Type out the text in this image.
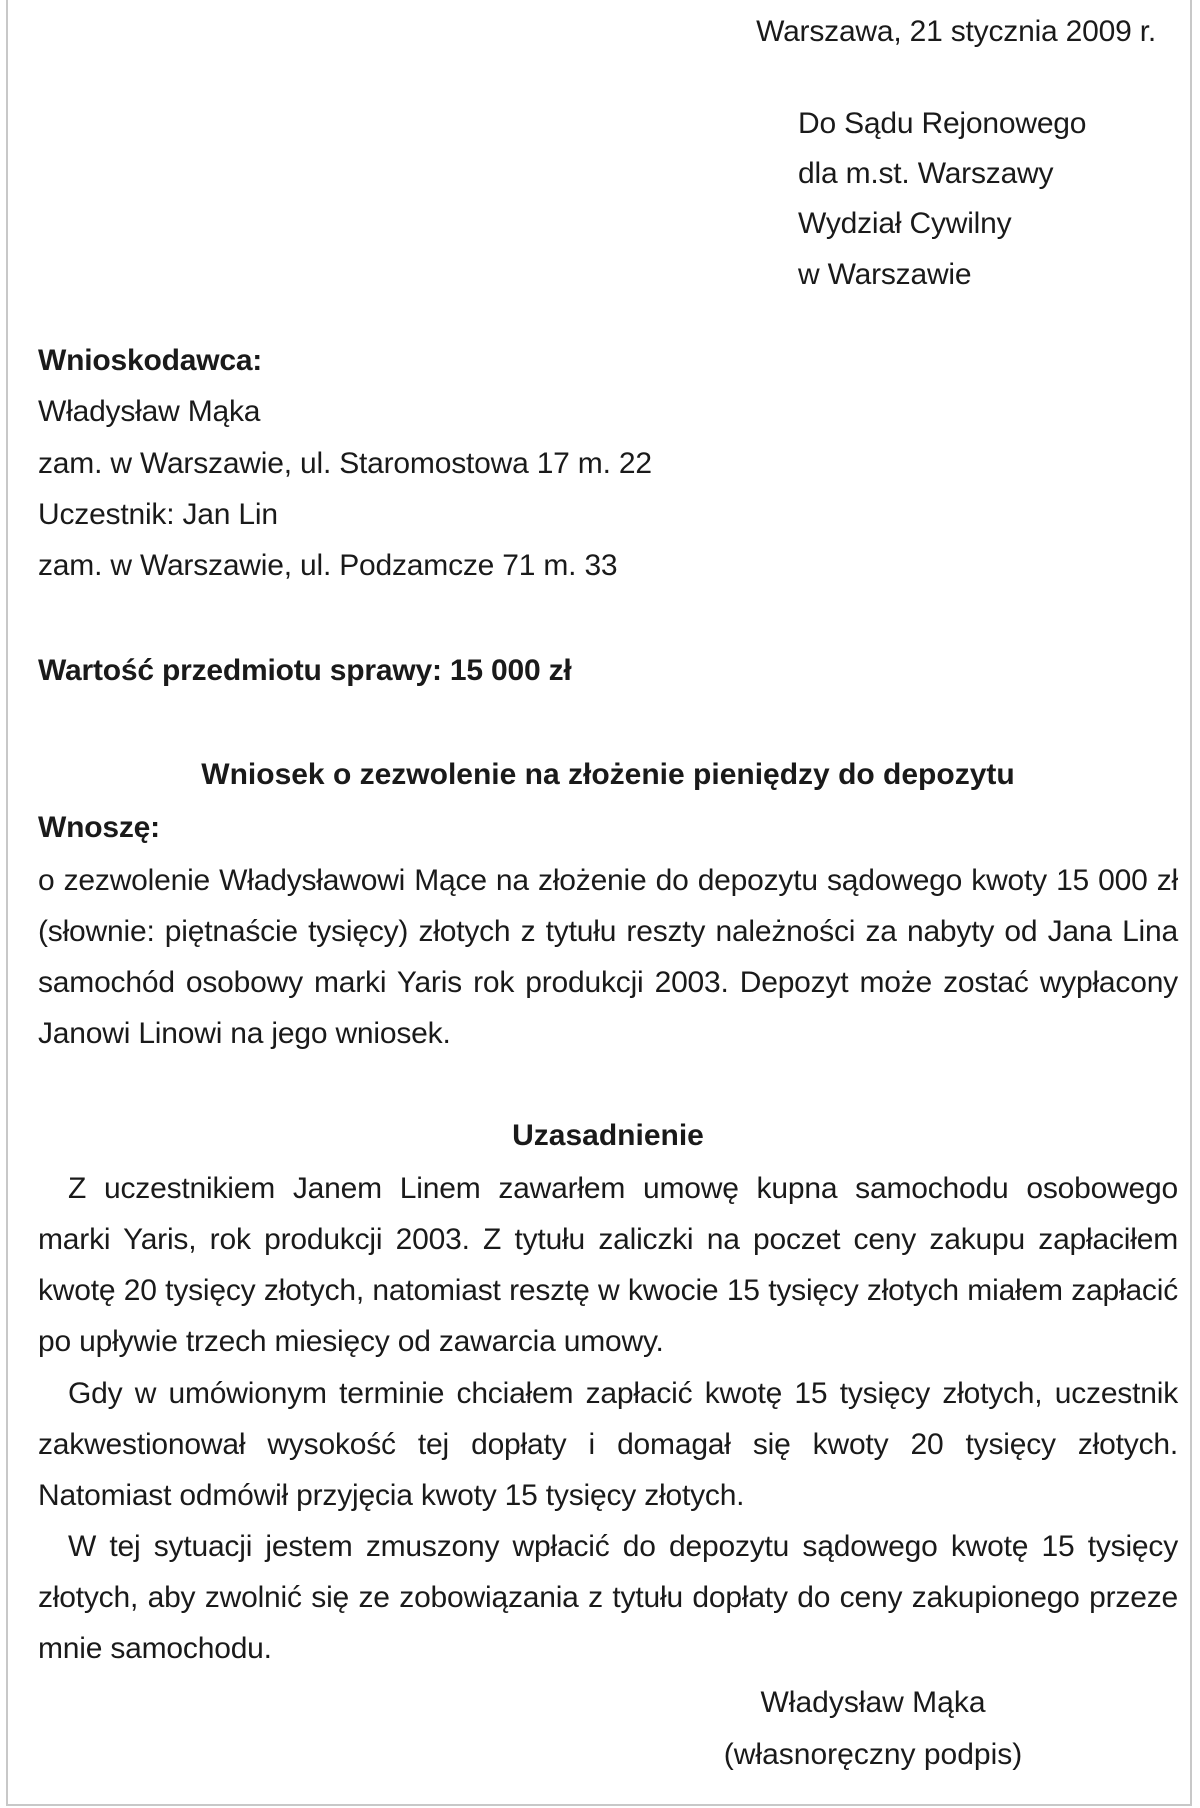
Warszawa, 21 stycznia 2009 r.
Do Sądu Rejonowego
dla m.st. Warszawy
Wydział Cywilny
w Warszawie
Wnioskodawca:
Władysław Mąka
zam. w Warszawie, ul. Staromostowa 17 m. 22
Uczestnik: Jan Lin
zam. w Warszawie, ul. Podzamcze 71 m. 33
Wartość przedmiotu sprawy: 15 000 zł
Wniosek o zezwolenie na złożenie pieniędzy do depozytu
Wnoszę:
o zezwolenie Władysławowi Mące na złożenie do depozytu sądowego kwoty 15 000 zł (słownie: piętnaście tysięcy) złotych z tytułu reszty należności za nabyty od Jana Lina samochód osobowy marki Yaris rok produkcji 2003. Depozyt może zostać wypłacony Janowi Linowi na jego wniosek.
Uzasadnienie
Z uczestnikiem Janem Linem zawarłem umowę kupna samochodu osobowego marki Yaris, rok produkcji 2003. Z tytułu zaliczki na poczet ceny zakupu zapłaciłem kwotę 20 tysięcy złotych, natomiast resztę w kwocie 15 tysięcy złotych miałem zapłacić po upływie trzech miesięcy od zawarcia umowy.
Gdy w umówionym terminie chciałem zapłacić kwotę 15 tysięcy złotych, uczestnik zakwestionował wysokość tej dopłaty i domagał się kwoty 20 tysięcy złotych. Natomiast odmówił przyjęcia kwoty 15 tysięcy złotych.
W tej sytuacji jestem zmuszony wpłacić do depozytu sądowego kwotę 15 tysięcy złotych, aby zwolnić się ze zobowiązania z tytułu dopłaty do ceny zakupionego przeze mnie samochodu.
Władysław Mąka
(własnoręczny podpis)
